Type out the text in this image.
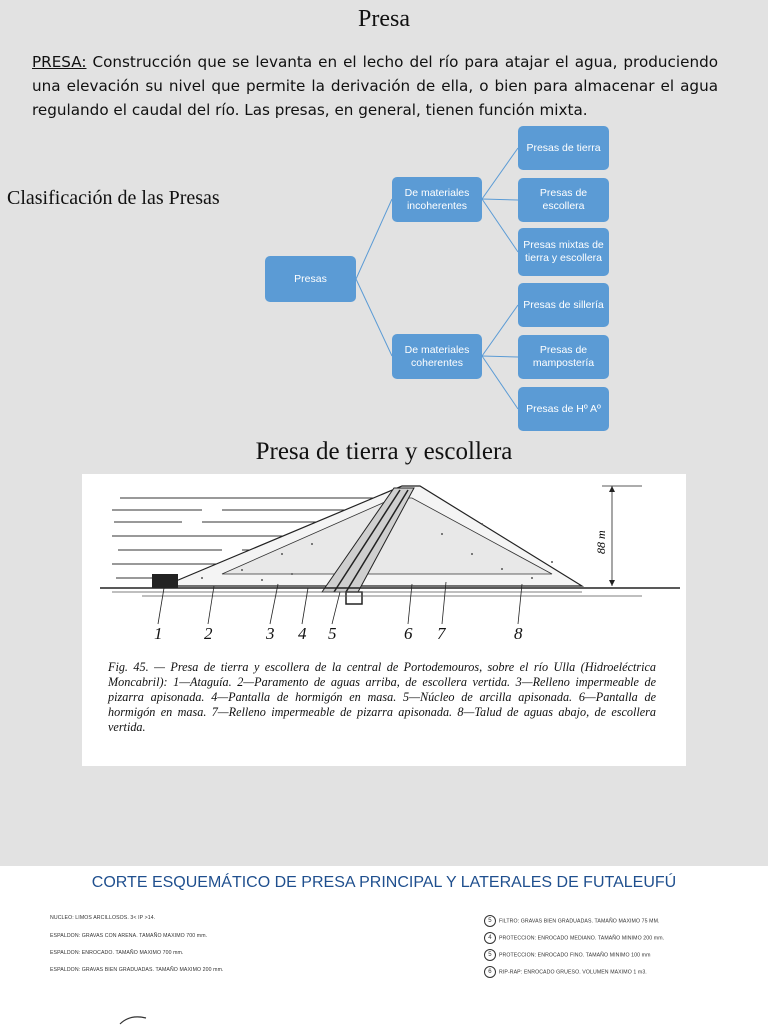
Presa

PRESA: Construcción que se levanta en el lecho del río para atajar el agua, produciendo una elevación su nivel que permite la derivación de ella, o bien para almacenar el agua regulando el caudal del río. Las presas, en general, tienen función mixta.

Clasificación de las Presas
Presas
De materiales incoherentes
De materiales coherentes
Presas de tierra
Presas de escollera
Presas mixtas de tierra y escollera
Presas de sillería
Presas de mampostería
Presas de Hº Aº
Presa de tierra y escollera
88 m
1 2	3 4 5	6 7	8

Fig. 45. — Presa de tierra y escollera de la central de Portodemouros, sobre el río Ulla (Hidroeléctrica Moncabril): 1—Ataguía. 2—Paramento de aguas arriba, de escollera vertida. 3—Relleno impermeable de pizarra apisonada. 4—Pantalla de hormigón en masa. 5—Núcleo de arcilla apisonada. 6—Pantalla de hormigón en masa. 7—Relleno impermeable de pizarra apisonada. 8—Talud de aguas abajo, de escollera vertida.

CORTE ESQUEMÁTICO DE PRESA PRINCIPAL Y LATERALES DE FUTALEUFÚ
NUCLEO: LIMOS ARCILLOSOS. 3< IP >14.
ESPALDON: GRAVAS CON ARENA. TAMAÑO MAXIMO 700 mm.
ESPALDON: ENROCADO. TAMAÑO MAXIMO 700 mm.
ESPALDON: GRAVAS BIEN GRADUADAS. TAMAÑO MAXIMO 200 mm.
5 FILTRO: GRAVAS BIEN GRADUADAS. TAMAÑO MAXIMO 75 MM.
4 PROTECCION: ENROCADO MEDIANO. TAMAÑO MINIMO 200 mm.
5 PROTECCION: ENROCADO FINO. TAMAÑO MINIMO 100 mm
6 RIP-RAP: ENROCADO GRUESO. VOLUMEN MAXIMO 1 m3.
